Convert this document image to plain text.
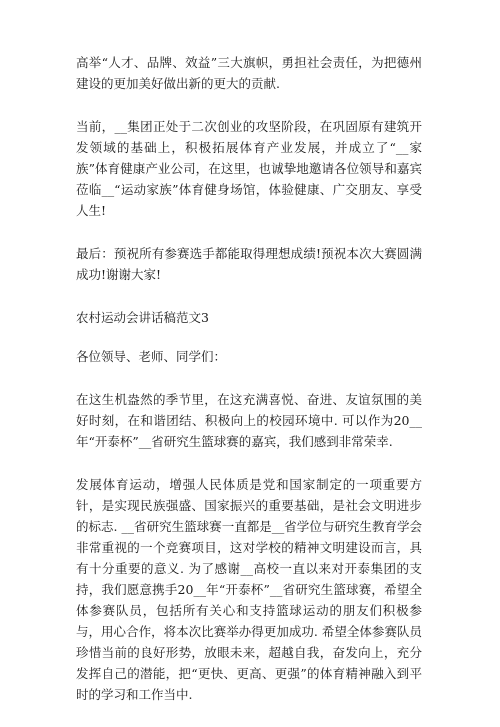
高举“人才、品牌、效益”三大旗帜，勇担社会责任，为把德州建设的更加美好做出新的更大的贡献.

当前，__集团正处于二次创业的攻坚阶段，在巩固原有建筑开发领域的基础上，积极拓展体育产业发展，并成立了“__家族”体育健康产业公司，在这里，也诚挚地邀请各位领导和嘉宾莅临__“运动家族”体育健身场馆，体验健康、广交朋友、享受人生!

最后：预祝所有参赛选手都能取得理想成绩!预祝本次大赛圆满成功!谢谢大家!

农村运动会讲话稿范文3

各位领导、老师、同学们：

在这生机盎然的季节里，在这充满喜悦、奋进、友谊氛围的美好时刻，在和谐团结、积极向上的校园环境中. 可以作为20__年“开泰杯”__省研究生篮球赛的嘉宾，我们感到非常荣幸.

发展体育运动，增强人民体质是党和国家制定的一项重要方针，是实现民族强盛、国家振兴的重要基础，是社会文明进步的标志. __省研究生篮球赛一直都是__省学位与研究生教育学会非常重视的一个竞赛项目，这对学校的精神文明建设而言，具有十分重要的意义. 为了感谢__高校一直以来对开泰集团的支持，我们愿意携手20__年“开泰杯”__省研究生篮球赛，希望全体参赛队员，包括所有关心和支持篮球运动的朋友们积极参与，用心合作，将本次比赛举办得更加成功. 希望全体参赛队员珍惜当前的良好形势，放眼未来，超越自我，奋发向上，充分发挥自己的潜能，把“更快、更高、更强”的体育精神融入到平时的学习和工作当中.
